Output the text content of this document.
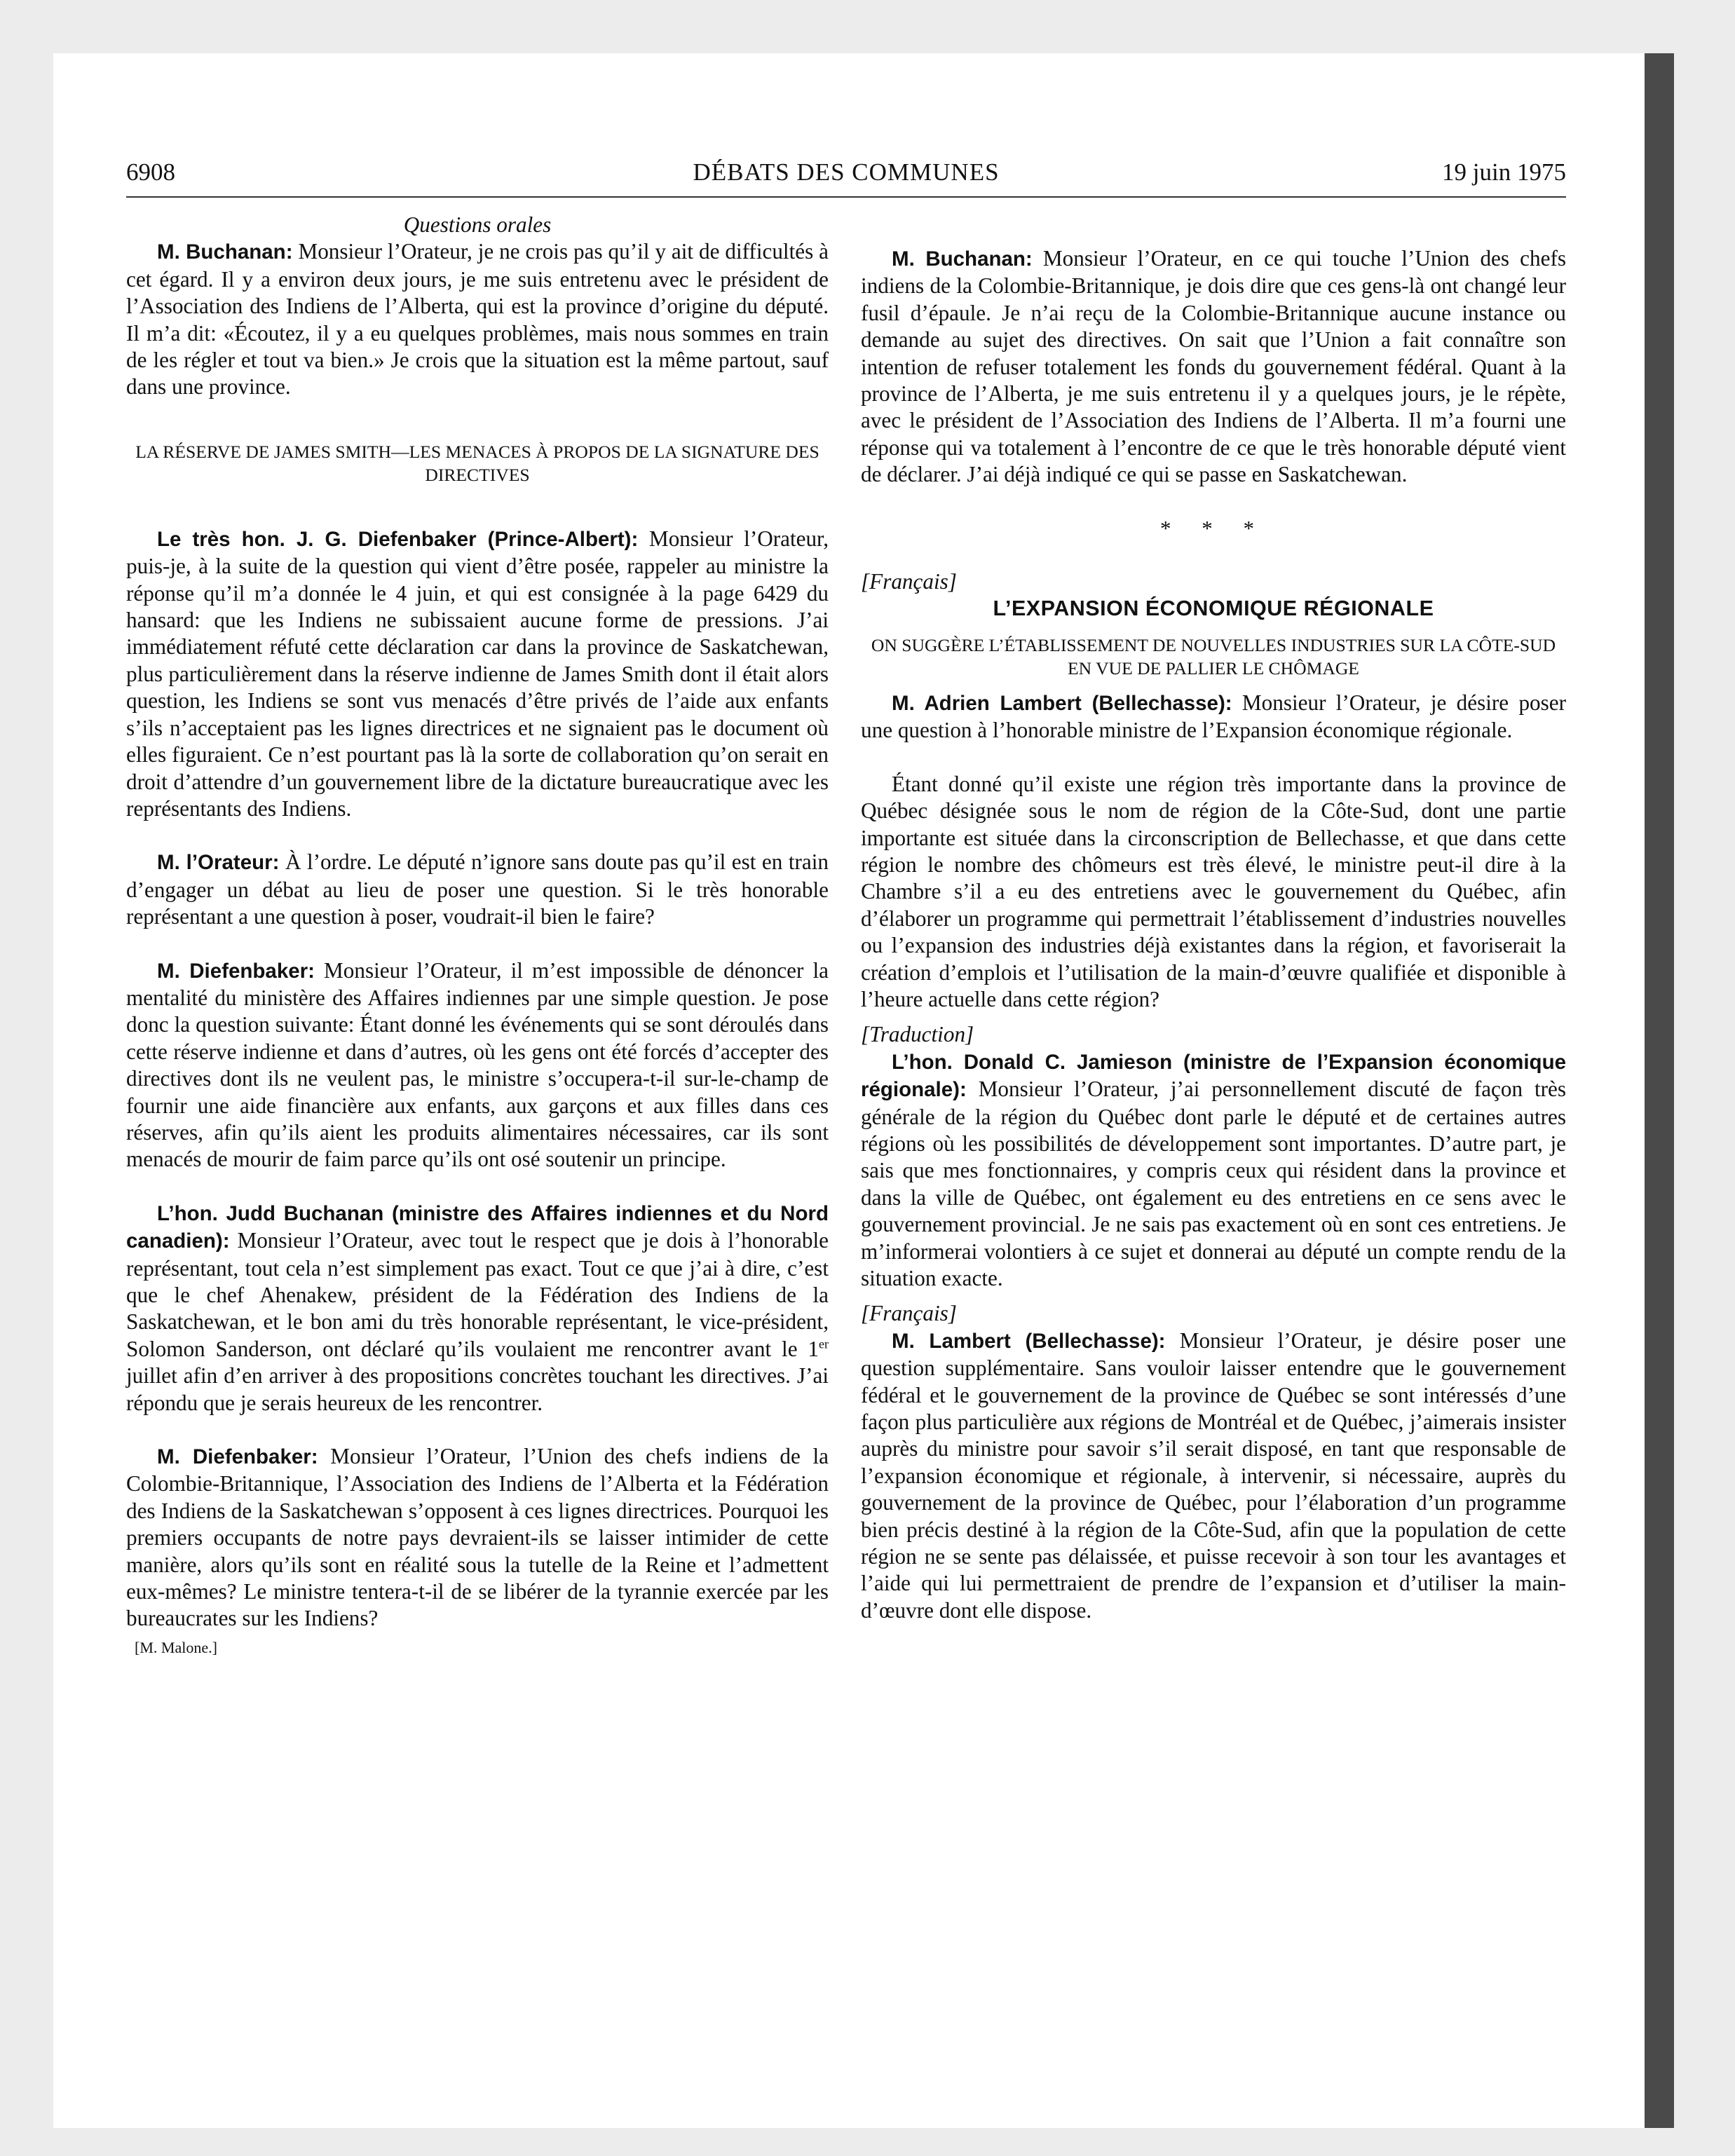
6908	DÉBATS DES COMMUNES	19 juin 1975

Questions orales

M. Buchanan: Monsieur l’Orateur, je ne crois pas qu’il y ait de difficultés à cet égard. Il y a environ deux jours, je me suis entretenu avec le président de l’Association des Indiens de l’Alberta, qui est la province d’origine du député. Il m’a dit: «Écoutez, il y a eu quelques problèmes, mais nous sommes en train de les régler et tout va bien.» Je crois que la situation est la même partout, sauf dans une province.

LA RÉSERVE DE JAMES SMITH—LES MENACES À PROPOS DE LA SIGNATURE DES DIRECTIVES

Le très hon. J. G. Diefenbaker (Prince-Albert): Monsieur l’Orateur, puis-je, à la suite de la question qui vient d’être posée, rappeler au ministre la réponse qu’il m’a donnée le 4 juin, et qui est consignée à la page 6429 du hansard: que les Indiens ne subissaient aucune forme de pressions. J’ai immédiatement réfuté cette déclaration car dans la province de Saskatchewan, plus particulièrement dans la réserve indienne de James Smith dont il était alors question, les Indiens se sont vus menacés d’être privés de l’aide aux enfants s’ils n’acceptaient pas les lignes directrices et ne signaient pas le document où elles figuraient. Ce n’est pourtant pas là la sorte de collaboration qu’on serait en droit d’attendre d’un gouvernement libre de la dictature bureaucratique avec les représentants des Indiens.

M. l’Orateur: À l’ordre. Le député n’ignore sans doute pas qu’il est en train d’engager un débat au lieu de poser une question. Si le très honorable représentant a une question à poser, voudrait-il bien le faire?

M. Diefenbaker: Monsieur l’Orateur, il m’est impossible de dénoncer la mentalité du ministère des Affaires indiennes par une simple question. Je pose donc la question suivante: Étant donné les événements qui se sont déroulés dans cette réserve indienne et dans d’autres, où les gens ont été forcés d’accepter des directives dont ils ne veulent pas, le ministre s’occupera-t-il sur-le-champ de fournir une aide financière aux enfants, aux garçons et aux filles dans ces réserves, afin qu’ils aient les produits alimentaires nécessaires, car ils sont menacés de mourir de faim parce qu’ils ont osé soutenir un principe.

L’hon. Judd Buchanan (ministre des Affaires indiennes et du Nord canadien): Monsieur l’Orateur, avec tout le respect que je dois à l’honorable représentant, tout cela n’est simplement pas exact. Tout ce que j’ai à dire, c’est que le chef Ahenakew, président de la Fédération des Indiens de la Saskatchewan, et le bon ami du très honorable représentant, le vice-président, Solomon Sanderson, ont déclaré qu’ils voulaient me rencontrer avant le 1er juillet afin d’en arriver à des propositions concrètes touchant les directives. J’ai répondu que je serais heureux de les rencontrer.

M. Diefenbaker: Monsieur l’Orateur, l’Union des chefs indiens de la Colombie-Britannique, l’Association des Indiens de l’Alberta et la Fédération des Indiens de la Saskatchewan s’opposent à ces lignes directrices. Pourquoi les premiers occupants de notre pays devraient-ils se laisser intimider de cette manière, alors qu’ils sont en réalité sous la tutelle de la Reine et l’admettent eux-mêmes? Le ministre tentera-t-il de se libérer de la tyrannie exercée par les bureaucrates sur les Indiens?

[M. Malone.]

M. Buchanan: Monsieur l’Orateur, en ce qui touche l’Union des chefs indiens de la Colombie-Britannique, je dois dire que ces gens-là ont changé leur fusil d’épaule. Je n’ai reçu de la Colombie-Britannique aucune instance ou demande au sujet des directives. On sait que l’Union a fait connaître son intention de refuser totalement les fonds du gouvernement fédéral. Quant à la province de l’Alberta, je me suis entretenu il y a quelques jours, je le répète, avec le président de l’Association des Indiens de l’Alberta. Il m’a fourni une réponse qui va totalement à l’encontre de ce que le très honorable député vient de déclarer. J’ai déjà indiqué ce qui se passe en Saskatchewan.

* * *

[Français]

L’EXPANSION ÉCONOMIQUE RÉGIONALE

ON SUGGÈRE L’ÉTABLISSEMENT DE NOUVELLES INDUSTRIES SUR LA CÔTE-SUD EN VUE DE PALLIER LE CHÔMAGE

M. Adrien Lambert (Bellechasse): Monsieur l’Orateur, je désire poser une question à l’honorable ministre de l’Expansion économique régionale.

Étant donné qu’il existe une région très importante dans la province de Québec désignée sous le nom de région de la Côte-Sud, dont une partie importante est située dans la circonscription de Bellechasse, et que dans cette région le nombre des chômeurs est très élevé, le ministre peut-il dire à la Chambre s’il a eu des entretiens avec le gouvernement du Québec, afin d’élaborer un programme qui permettrait l’établissement d’industries nouvelles ou l’expansion des industries déjà existantes dans la région, et favoriserait la création d’emplois et l’utilisation de la main-d’œuvre qualifiée et disponible à l’heure actuelle dans cette région?

[Traduction]

L’hon. Donald C. Jamieson (ministre de l’Expansion économique régionale): Monsieur l’Orateur, j’ai personnellement discuté de façon très générale de la région du Québec dont parle le député et de certaines autres régions où les possibilités de développement sont importantes. D’autre part, je sais que mes fonctionnaires, y compris ceux qui résident dans la province et dans la ville de Québec, ont également eu des entretiens en ce sens avec le gouvernement provincial. Je ne sais pas exactement où en sont ces entretiens. Je m’informerai volontiers à ce sujet et donnerai au député un compte rendu de la situation exacte.

[Français]

M. Lambert (Bellechasse): Monsieur l’Orateur, je désire poser une question supplémentaire. Sans vouloir laisser entendre que le gouvernement fédéral et le gouvernement de la province de Québec se sont intéressés d’une façon plus particulière aux régions de Montréal et de Québec, j’aimerais insister auprès du ministre pour savoir s’il serait disposé, en tant que responsable de l’expansion économique et régionale, à intervenir, si nécessaire, auprès du gouvernement de la province de Québec, pour l’élaboration d’un programme bien précis destiné à la région de la Côte-Sud, afin que la population de cette région ne se sente pas délaissée, et puisse recevoir à son tour les avantages et l’aide qui lui permettraient de prendre de l’expansion et d’utiliser la main-d’œuvre dont elle dispose.
